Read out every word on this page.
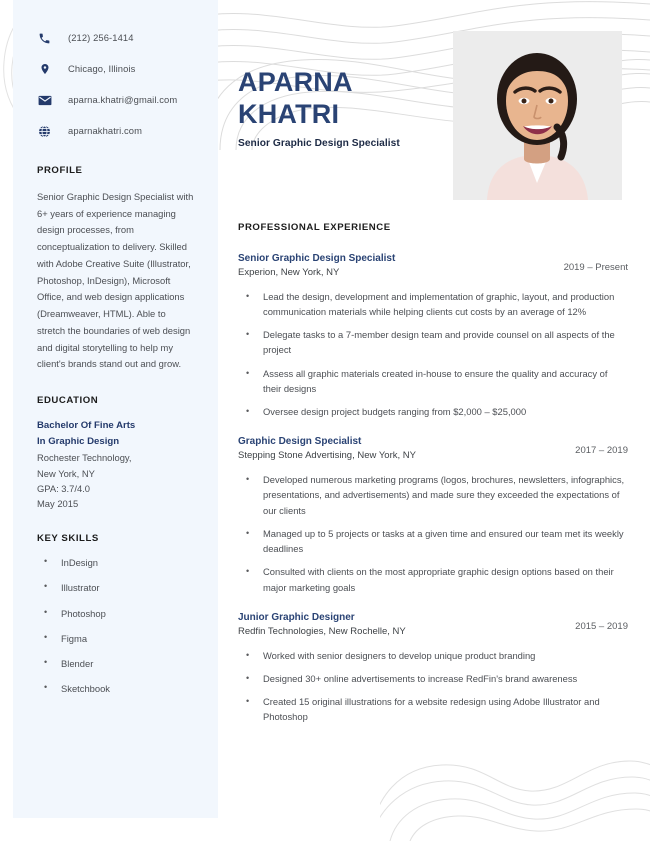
(212) 256-1414
Chicago, Illinois
aparna.khatri@gmail.com
aparnakhatri.com
PROFILE

Senior Graphic Design Specialist with 6+ years of experience managing design processes, from conceptualization to delivery. Skilled with Adobe Creative Suite (Illustrator, Photoshop, InDesign), Microsoft Office, and web design applications (Dreamweaver, HTML). Able to stretch the boundaries of web design and digital storytelling to help my client's brands stand out and grow.

EDUCATION
Bachelor Of Fine Arts
In Graphic Design
Rochester Technology,
New York, NY
GPA: 3.7/4.0
May 2015
KEY SKILLS
• InDesign
• Illustrator
• Photoshop
• Figma
• Blender
• Sketchbook
APARNA
KHATRI
Senior Graphic Design Specialist
PROFESSIONAL EXPERIENCE
Senior Graphic Design Specialist
Experion, New York, NY	2019 – Present
• Lead the design, development and implementation of graphic, layout, and production communication materials while helping clients cut costs by an average of 12%
• Delegate tasks to a 7-member design team and provide counsel on all aspects of the project
• Assess all graphic materials created in-house to ensure the quality and accuracy of their designs
• Oversee design project budgets ranging from $2,000 – $25,000
Graphic Design Specialist
Stepping Stone Advertising, New York, NY	2017 – 2019
• Developed numerous marketing programs (logos, brochures, newsletters, infographics, presentations, and advertisements) and made sure they exceeded the expectations of our clients
• Managed up to 5 projects or tasks at a given time and ensured our team met its weekly deadlines
• Consulted with clients on the most appropriate graphic design options based on their major marketing goals
Junior Graphic Designer
Redfin Technologies, New Rochelle, NY	2015 – 2019
• Worked with senior designers to develop unique product branding
• Designed 30+ online advertisements to increase RedFin's brand awareness
• Created 15 original illustrations for a website redesign using Adobe Illustrator and Photoshop
